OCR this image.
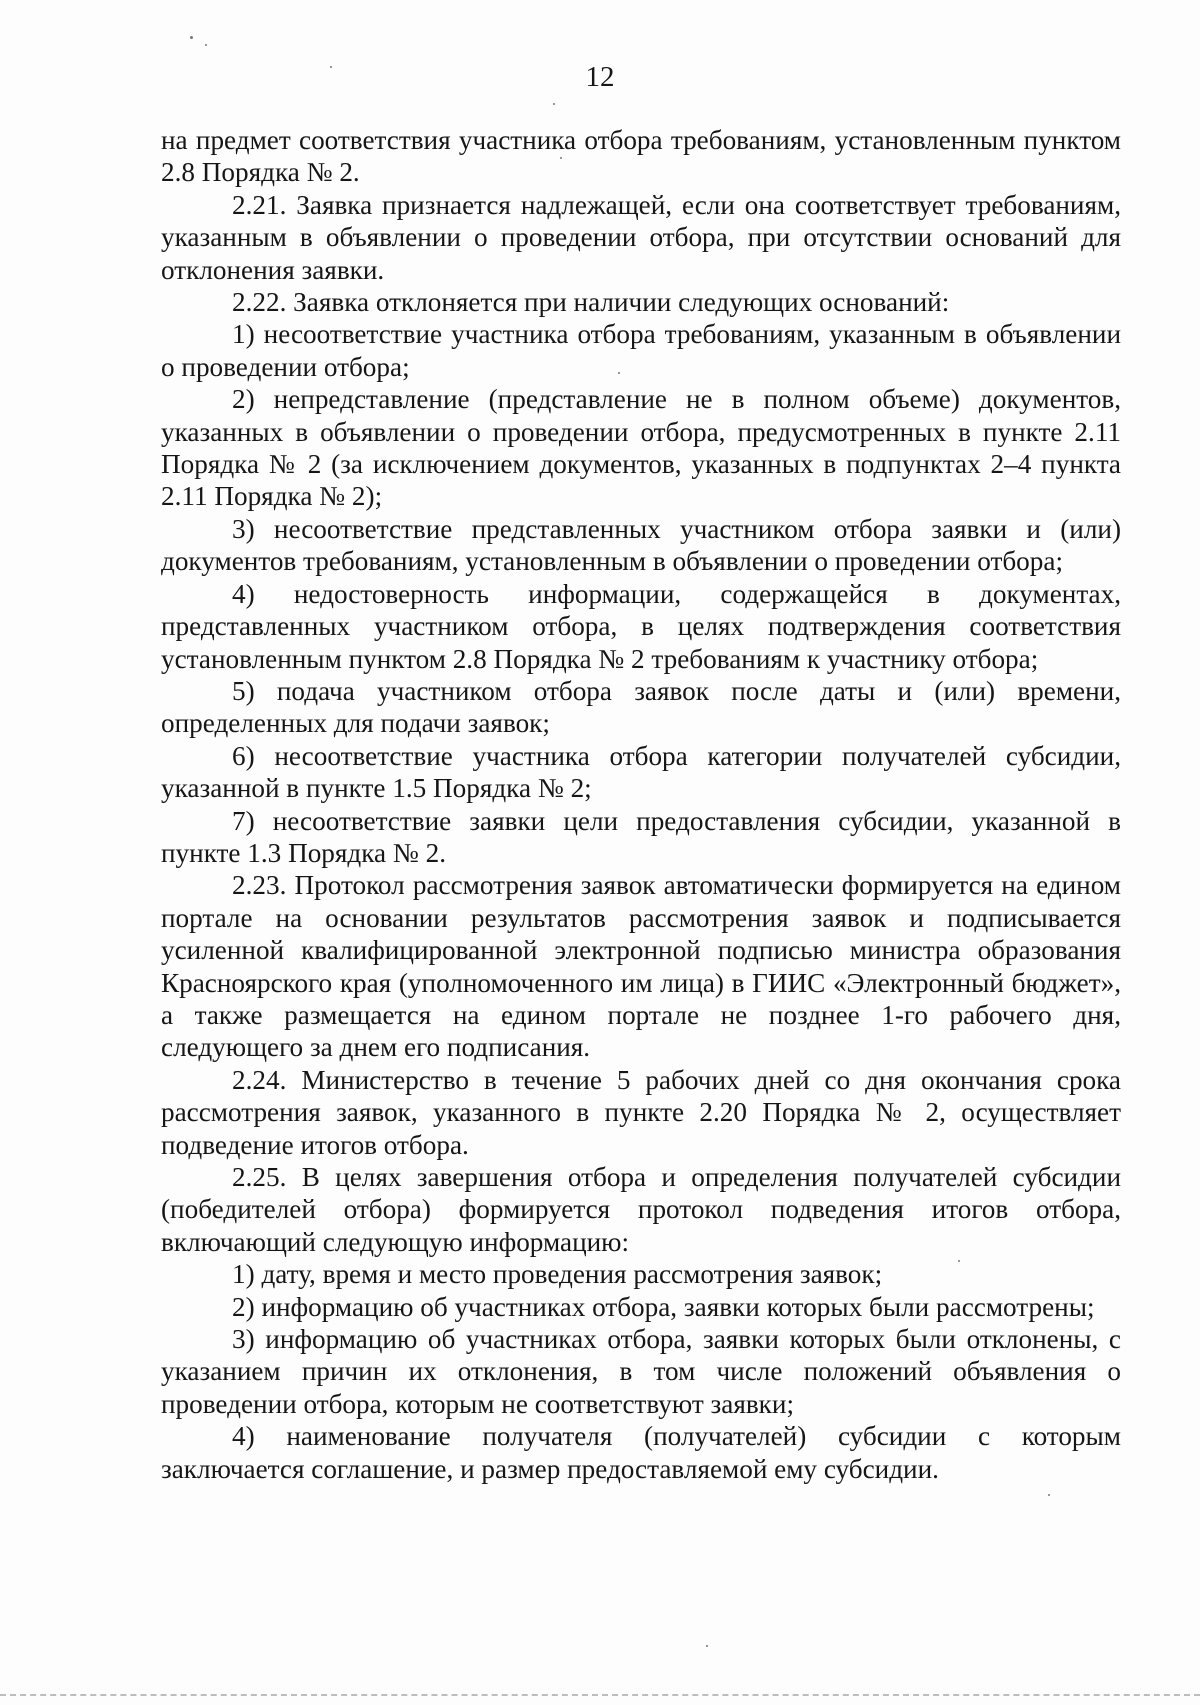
12

на предмет соответствия участника отбора требованиям, установленным пунктом 2.8 Порядка № 2.

2.21. Заявка признается надлежащей, если она соответствует требованиям, указанным в объявлении о проведении отбора, при отсутствии оснований для отклонения заявки.

2.22. Заявка отклоняется при наличии следующих оснований:

1) несоответствие участника отбора требованиям, указанным в объявлении о проведении отбора;

2) непредставление (представление не в полном объеме) документов, указанных в объявлении о проведении отбора, предусмотренных в пункте 2.11 Порядка № 2 (за исключением документов, указанных в подпунктах 2–4 пункта 2.11 Порядка № 2);

3) несоответствие представленных участником отбора заявки и (или) документов требованиям, установленным в объявлении о проведении отбора;

4) недостоверность информации, содержащейся в документах, представленных участником отбора, в целях подтверждения соответствия установленным пунктом 2.8 Порядка № 2 требованиям к участнику отбора;

5) подача участником отбора заявок после даты и (или) времени, определенных для подачи заявок;

6) несоответствие участника отбора категории получателей субсидии, указанной в пункте 1.5 Порядка № 2;

7) несоответствие заявки цели предоставления субсидии, указанной в пункте 1.3 Порядка № 2.

2.23. Протокол рассмотрения заявок автоматически формируется на едином портале на основании результатов рассмотрения заявок и подписывается усиленной квалифицированной электронной подписью министра образования Красноярского края (уполномоченного им лица) в ГИИС «Электронный бюджет», а также размещается на едином портале не позднее 1-го рабочего дня, следующего за днем его подписания.

2.24. Министерство в течение 5 рабочих дней со дня окончания срока рассмотрения заявок, указанного в пункте 2.20 Порядка № 2, осуществляет подведение итогов отбора.

2.25. В целях завершения отбора и определения получателей субсидии (победителей отбора) формируется протокол подведения итогов отбора, включающий следующую информацию:

1) дату, время и место проведения рассмотрения заявок;

2) информацию об участниках отбора, заявки которых были рассмотрены;

3) информацию об участниках отбора, заявки которых были отклонены, с указанием причин их отклонения, в том числе положений объявления о проведении отбора, которым не соответствуют заявки;

4) наименование получателя (получателей) субсидии с которым заключается соглашение, и размер предоставляемой ему субсидии.
